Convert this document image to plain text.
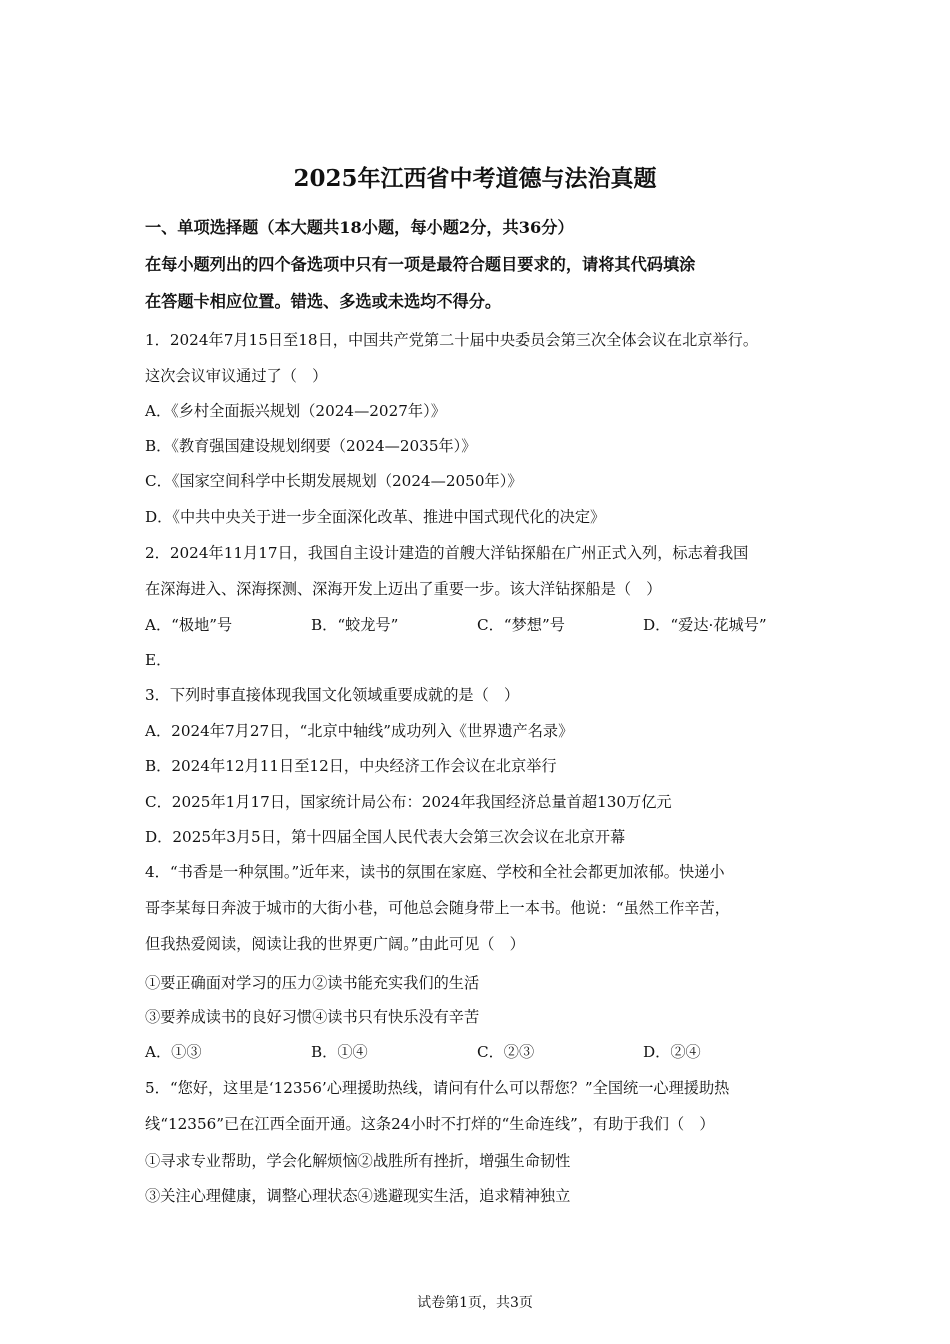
2025年江西省中考道德与法治真题
一、单项选择题（本大题共18小题，每小题2分，共36分）
在每小题列出的四个备选项中只有一项是最符合题目要求的，请将其代码填涂
在答题卡相应位置。错选、多选或未选均不得分。
1．2024年7月15日至18日，中国共产党第二十届中央委员会第三次全体会议在北京举行。
这次会议审议通过了（　）
A．《乡村全面振兴规划（2024—2027年）》
B．《教育强国建设规划纲要（2024—2035年）》
C．《国家空间科学中长期发展规划（2024—2050年）》
D．《中共中央关于进一步全面深化改革、推进中国式现代化的决定》
2．2024年11月17日，我国自主设计建造的首艘大洋钻探船在广州正式入列，标志着我国
在深海进入、深海探测、深海开发上迈出了重要一步。该大洋钻探船是（　）
A．“极地”号	B．“蛟龙号”	C．“梦想”号	D．“爱达·花城号”
E．
3．下列时事直接体现我国文化领域重要成就的是（　）
A．2024年7月27日，“北京中轴线”成功列入《世界遗产名录》
B．2024年12月11日至12日，中央经济工作会议在北京举行
C．2025年1月17日，国家统计局公布：2024年我国经济总量首超130万亿元
D．2025年3月5日，第十四届全国人民代表大会第三次会议在北京开幕
4．“书香是一种氛围。”近年来，读书的氛围在家庭、学校和全社会都更加浓郁。快递小
哥李某每日奔波于城市的大街小巷，可他总会随身带上一本书。他说：“虽然工作辛苦，
但我热爱阅读，阅读让我的世界更广阔。”由此可见（　）
①要正确面对学习的压力②读书能充实我们的生活
③要养成读书的良好习惯④读书只有快乐没有辛苦
A．①③	B．①④	C．②③	D．②④
5．“您好，这里是‘12356’心理援助热线，请问有什么可以帮您？”全国统一心理援助热
线“12356”已在江西全面开通。这条24小时不打烊的“生命连线”，有助于我们（　）
①寻求专业帮助，学会化解烦恼②战胜所有挫折，增强生命韧性
③关注心理健康，调整心理状态④逃避现实生活，追求精神独立
试卷第1页，共3页
